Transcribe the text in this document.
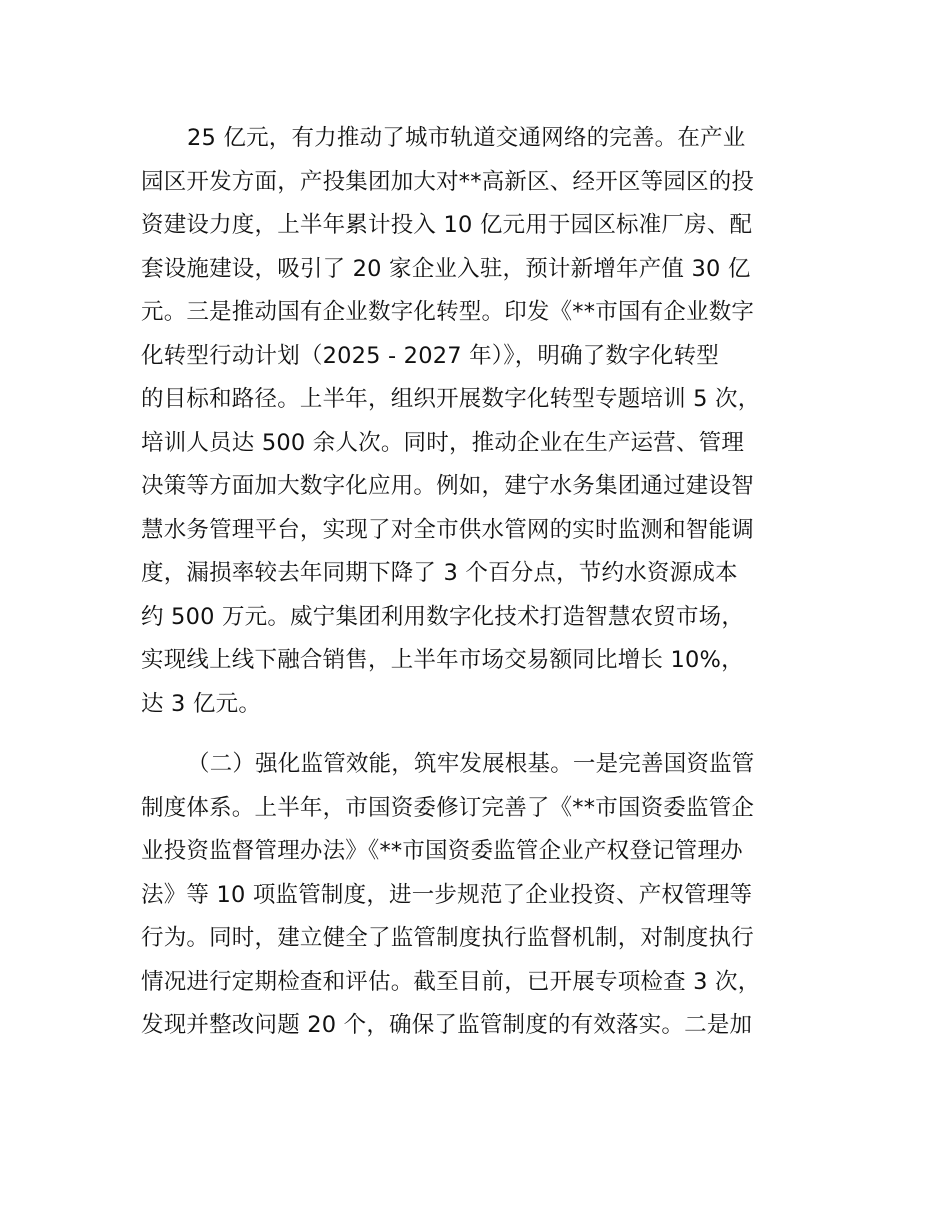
25 亿元，有力推动了城市轨道交通网络的完善。在产业
园区开发方面，产投集团加大对**高新区、经开区等园区的投
资建设力度，上半年累计投入 10 亿元用于园区标准厂房、配
套设施建设，吸引了 20 家企业入驻，预计新增年产值 30 亿
元。三是推动国有企业数字化转型。印发《**市国有企业数字
化转型行动计划（2025 - 2027 年）》，明确了数字化转型
的目标和路径。上半年，组织开展数字化转型专题培训 5 次，
培训人员达 500 余人次。同时，推动企业在生产运营、管理
决策等方面加大数字化应用。例如，建宁水务集团通过建设智
慧水务管理平台，实现了对全市供水管网的实时监测和智能调
度，漏损率较去年同期下降了 3 个百分点，节约水资源成本
约 500 万元。威宁集团利用数字化技术打造智慧农贸市场，
实现线上线下融合销售，上半年市场交易额同比增长 10%，
达 3 亿元。
（二）强化监管效能，筑牢发展根基。一是完善国资监管
制度体系。上半年，市国资委修订完善了《**市国资委监管企
业投资监督管理办法》《**市国资委监管企业产权登记管理办
法》等 10 项监管制度，进一步规范了企业投资、产权管理等
行为。同时，建立健全了监管制度执行监督机制，对制度执行
情况进行定期检查和评估。截至目前，已开展专项检查 3 次，
发现并整改问题 20 个，确保了监管制度的有效落实。二是加
